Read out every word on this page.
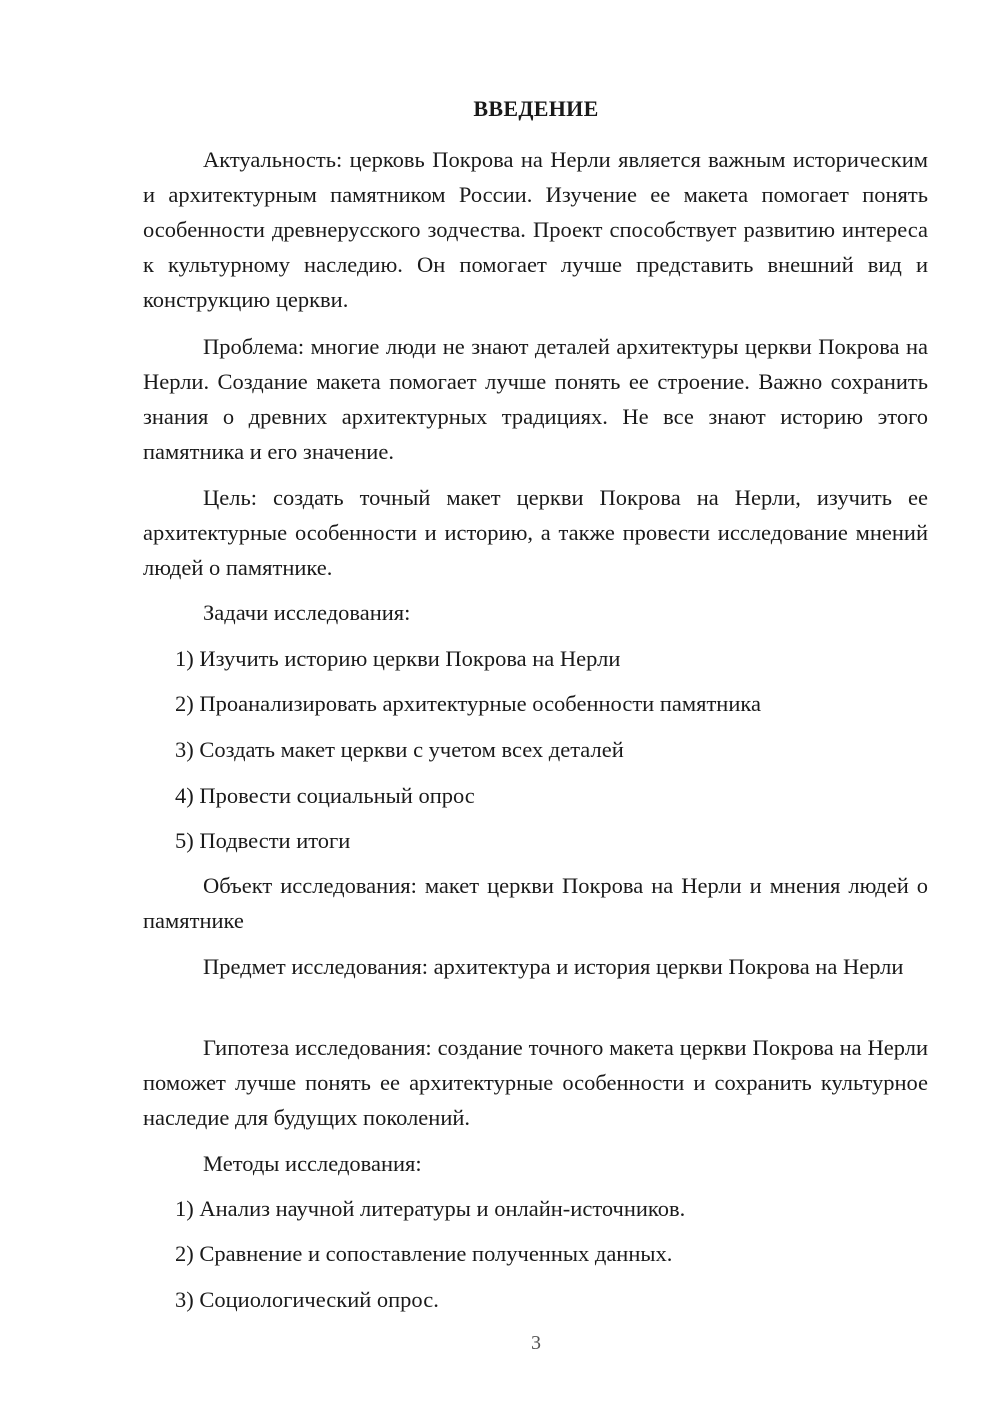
ВВЕДЕНИЕ
Актуальность: церковь Покрова на Нерли является важным историческим и архитектурным памятником России. Изучение ее макета помогает понять особенности древнерусского зодчества. Проект способствует развитию интереса к культурному наследию. Он помогает лучше представить внешний вид и конструкцию церкви.
Проблема: многие люди не знают деталей архитектуры церкви Покрова на Нерли. Создание макета помогает лучше понять ее строение. Важно сохранить знания о древних архитектурных традициях. Не все знают историю этого памятника и его значение.
Цель: создать точный макет церкви Покрова на Нерли, изучить ее архитектурные особенности и историю, а также провести исследование мнений людей о памятнике.
Задачи исследования:
1) Изучить историю церкви Покрова на Нерли
2) Проанализировать архитектурные особенности памятника
3) Создать макет церкви с учетом всех деталей
4) Провести социальный опрос
5) Подвести итоги
Объект исследования: макет церкви Покрова на Нерли и мнения людей о памятнике
Предмет исследования: архитектура и история церкви Покрова на Нерли
Гипотеза исследования: создание точного макета церкви Покрова на Нерли поможет лучше понять ее архитектурные особенности и сохранить культурное наследие для будущих поколений.
Методы исследования:
1) Анализ научной литературы и онлайн-источников.
2) Сравнение и сопоставление полученных данных.
3) Социологический опрос.
3
